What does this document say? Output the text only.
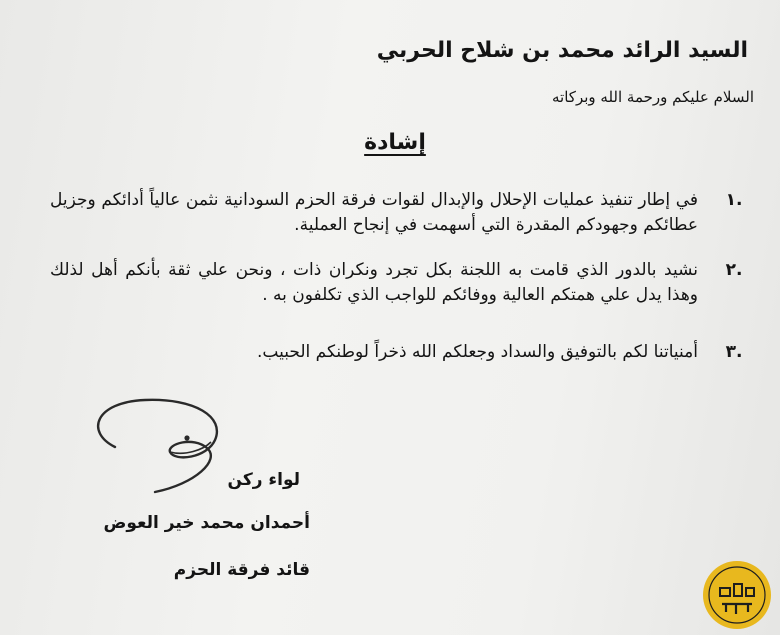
السيد الرائد محمد بن شلاح الحربي
السلام عليكم ورحمة الله وبركاته
إشادة
.١
في إطار تنفيذ عمليات الإحلال والإبدال لقوات فرقة الحزم السودانية نثمن عالياً أدائكم وجزيل عطائكم وجهودكم المقدرة التي أسهمت في إنجاح العملية.
.٢
نشيد بالدور الذي قامت به اللجنة بكل تجرد ونكران ذات ، ونحن علي ثقة بأنكم أهل لذلك وهذا يدل علي همتكم العالية ووفائكم للواجب الذي تكلفون به .
.٣
أمنياتنا لكم بالتوفيق والسداد وجعلكم الله ذخراً لوطنكم الحبيب.
لواء ركن
أحمدان محمد خير العوض
قائد فرقة الحزم
